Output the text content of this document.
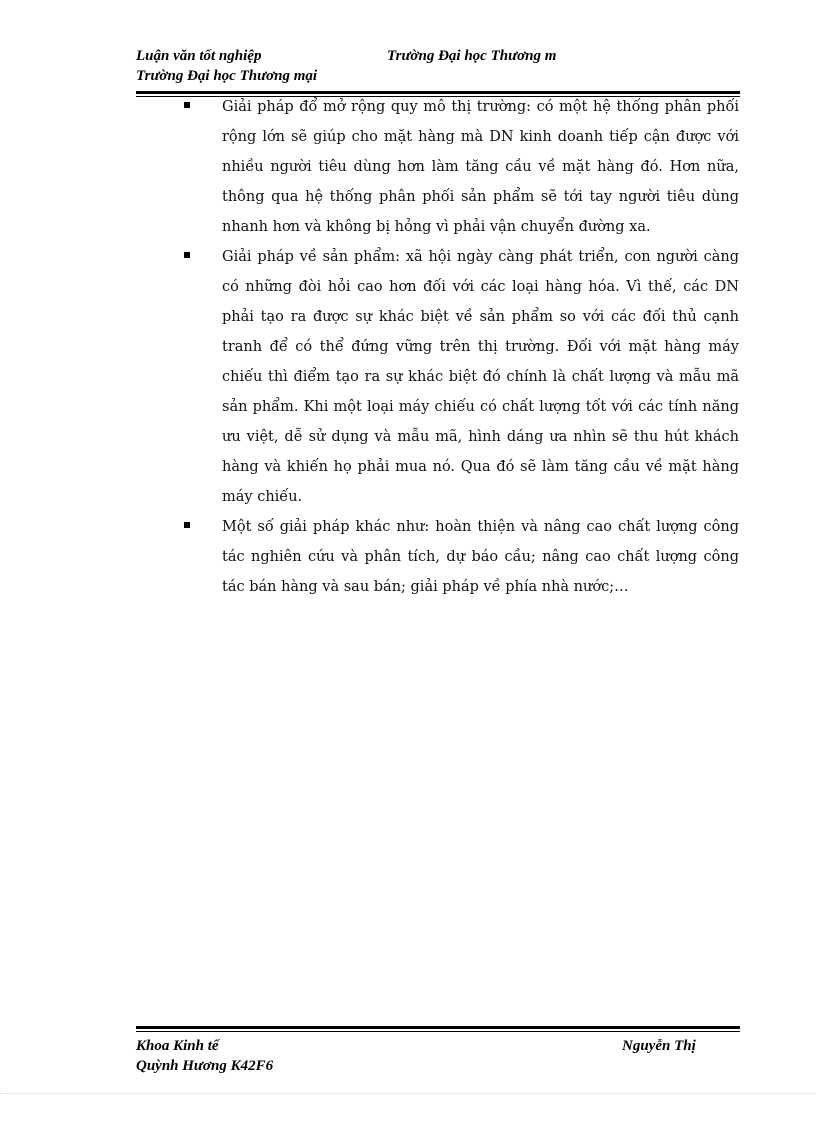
Luận văn tốt nghiệp	Trường Đại học Thương m
Trường Đại học Thương mại
Giải pháp đổ mở rộng quy mô thị trường: có một hệ thống phân phối rộng lớn sẽ giúp cho mặt hàng mà DN kinh doanh tiếp cận được với nhiều người tiêu dùng hơn làm tăng cầu về mặt hàng đó. Hơn nữa, thông qua hệ thống phân phối sản phẩm sẽ tới tay người tiêu dùng nhanh hơn và không bị hỏng vì phải vận chuyển đường xa.
Giải pháp về sản phẩm: xã hội ngày càng phát triển, con người càng có những đòi hỏi cao hơn đối với các loại hàng hóa. Vì thế, các DN phải tạo ra được sự khác biệt về sản phẩm so với các đối thủ cạnh tranh để có thể đứng vững trên thị trường. Đối với mặt hàng máy chiếu thì điểm tạo ra sự khác biệt đó chính là chất lượng và mẫu mã sản phẩm. Khi một loại máy chiếu có chất lượng tốt với các tính năng ưu việt, dễ sử dụng và mẫu mã, hình dáng ưa nhìn sẽ thu hút khách hàng và khiến họ phải mua nó. Qua đó sẽ làm tăng cầu về mặt hàng máy chiếu.
Một số giải pháp khác như: hoàn thiện và nâng cao chất lượng công tác nghiên cứu và phân tích, dự báo cầu; nâng cao chất lượng công tác bán hàng và sau bán; giải pháp về phía nhà nước;…
Khoa Kinh tế	Nguyễn Thị
Quỳnh Hương K42F6
